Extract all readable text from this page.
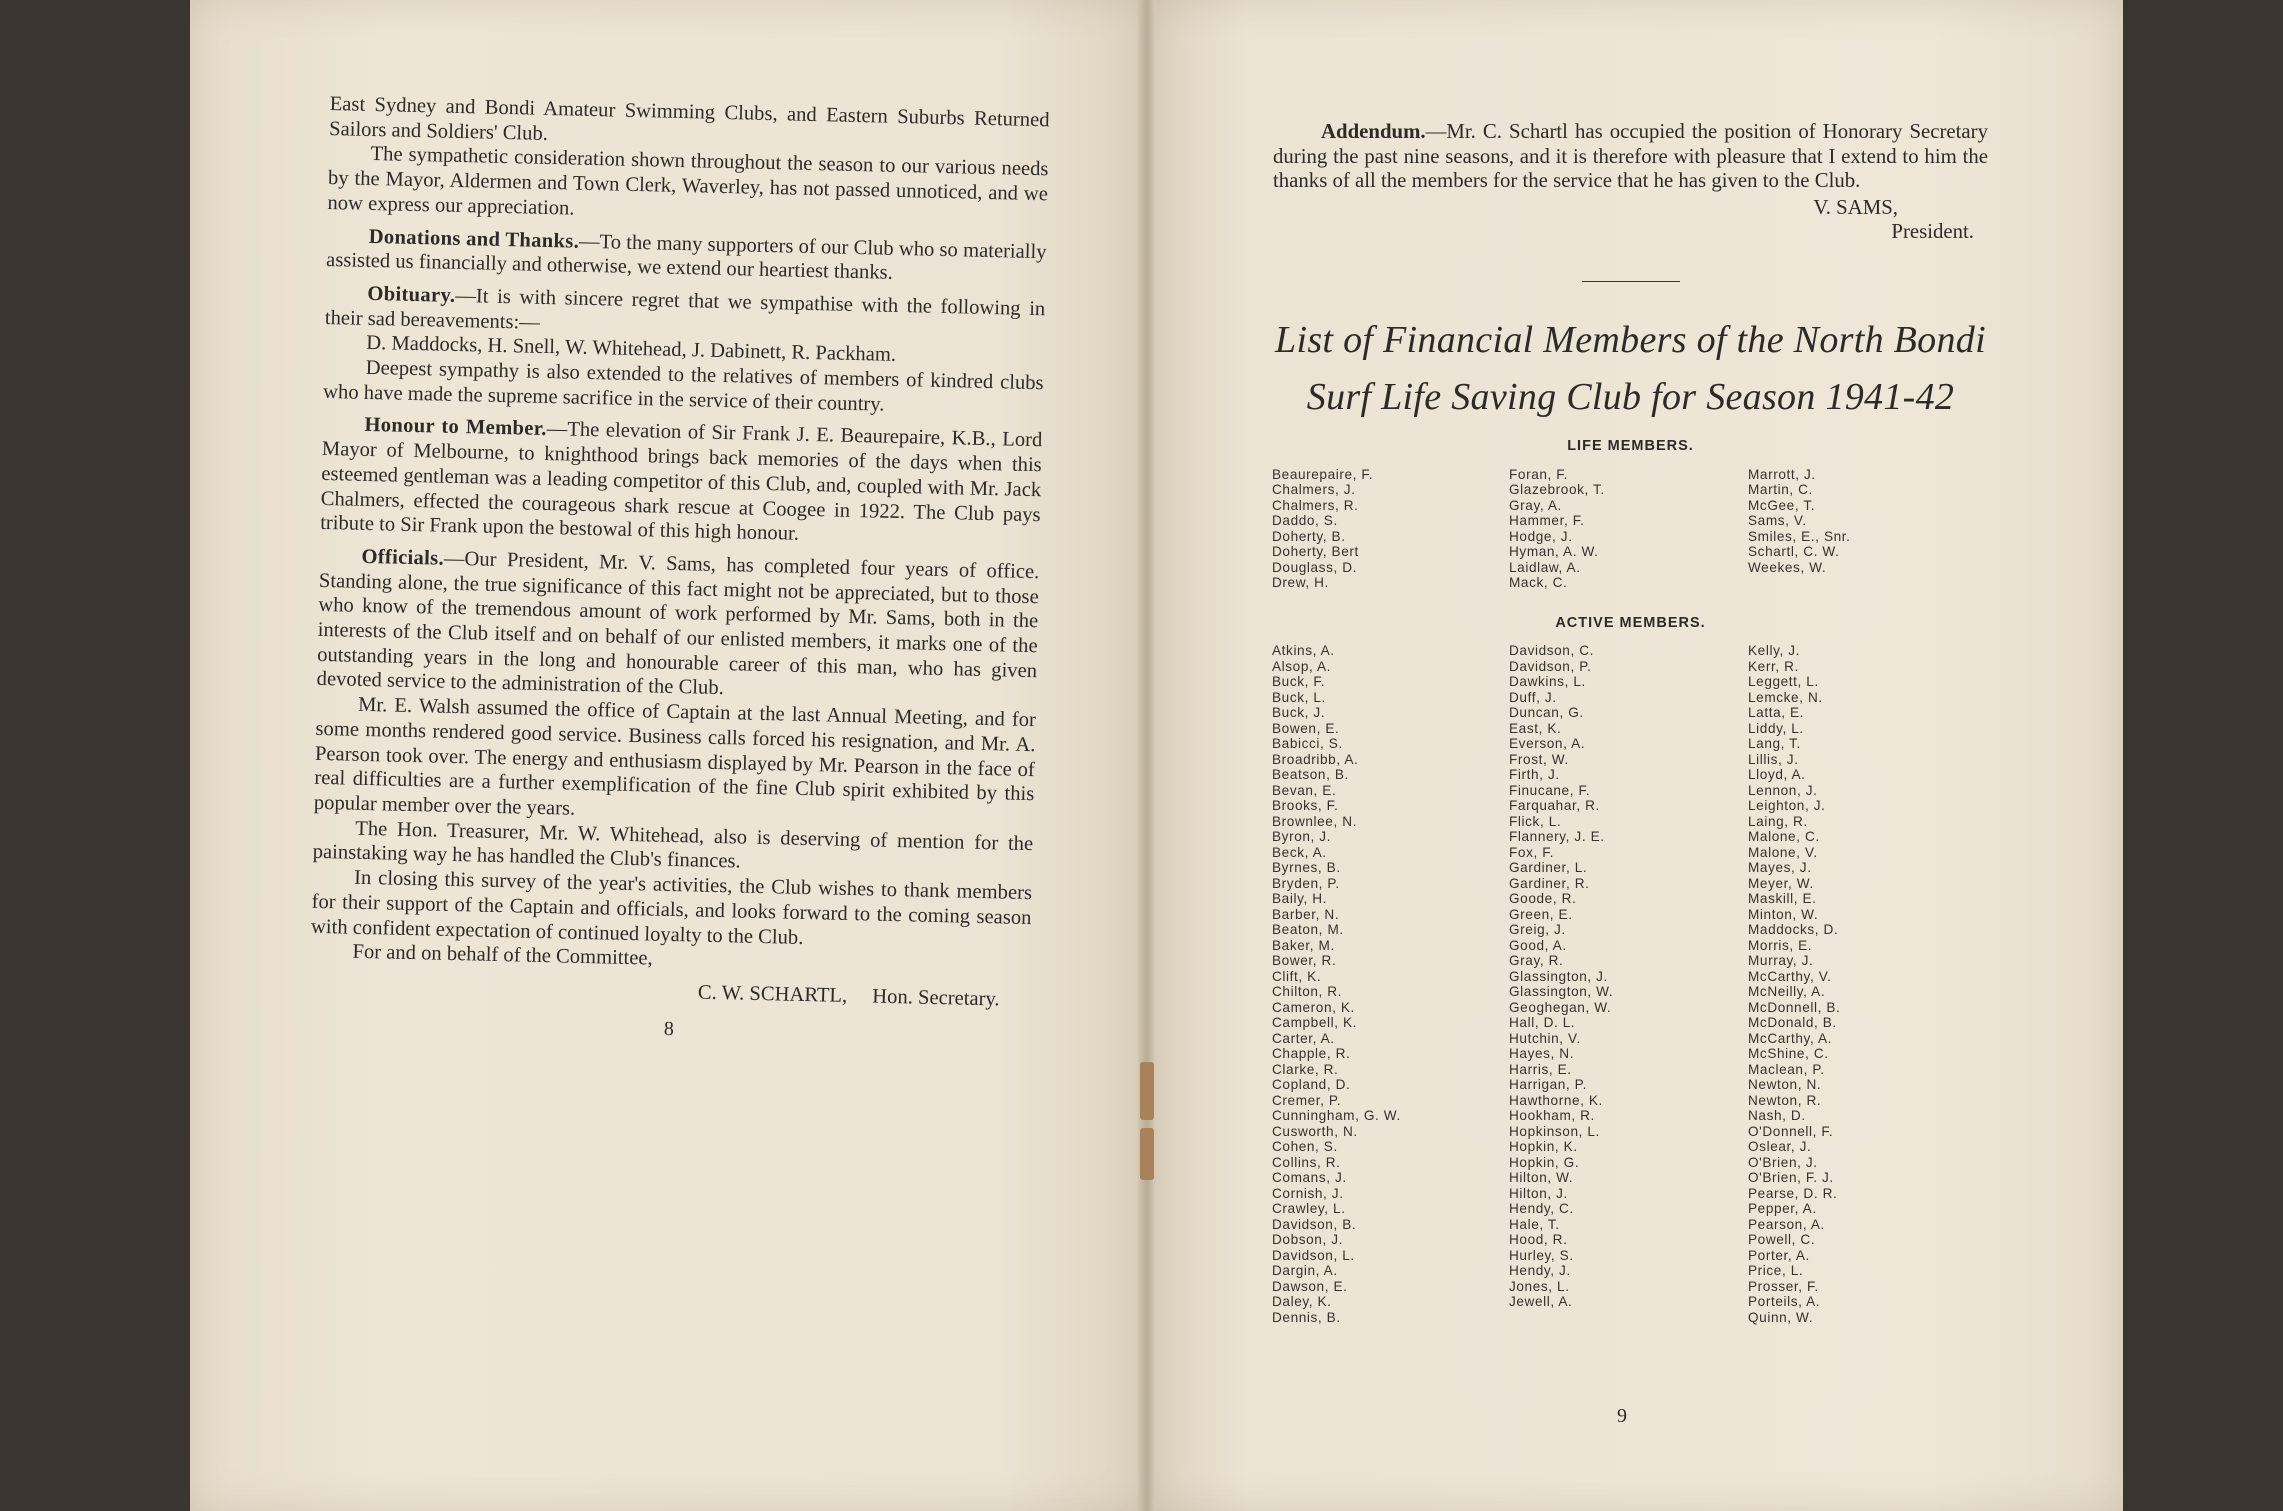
East Sydney and Bondi Amateur Swimming Clubs, and Eastern Suburbs Returned Sailors and Soldiers' Club.

The sympathetic consideration shown throughout the season to our various needs by the Mayor, Aldermen and Town Clerk, Waverley, has not passed unnoticed, and we now express our appreciation.

Donations and Thanks.—To the many supporters of our Club who so materially assisted us financially and otherwise, we extend our heartiest thanks.

Obituary.—It is with sincere regret that we sympathise with the following in their sad bereavements:—

D. Maddocks, H. Snell, W. Whitehead, J. Dabinett, R. Packham.

Deepest sympathy is also extended to the relatives of members of kindred clubs who have made the supreme sacrifice in the service of their country.

Honour to Member.—The elevation of Sir Frank J. E. Beaurepaire, K.B., Lord Mayor of Melbourne, to knighthood brings back memories of the days when this esteemed gentleman was a leading competitor of this Club, and, coupled with Mr. Jack Chalmers, effected the courageous shark rescue at Coogee in 1922. The Club pays tribute to Sir Frank upon the bestowal of this high honour.

Officials.—Our President, Mr. V. Sams, has completed four years of office. Standing alone, the true significance of this fact might not be appreciated, but to those who know of the tremendous amount of work performed by Mr. Sams, both in the interests of the Club itself and on behalf of our enlisted members, it marks one of the outstanding years in the long and honourable career of this man, who has given devoted service to the administration of the Club.

Mr. E. Walsh assumed the office of Captain at the last Annual Meeting, and for some months rendered good service. Business calls forced his resignation, and Mr. A. Pearson took over. The energy and enthusiasm displayed by Mr. Pearson in the face of real difficulties are a further exemplification of the fine Club spirit exhibited by this popular member over the years.

The Hon. Treasurer, Mr. W. Whitehead, also is deserving of mention for the painstaking way he has handled the Club's finances.

In closing this survey of the year's activities, the Club wishes to thank members for their support of the Captain and officials, and looks forward to the coming season with confident expectation of continued loyalty to the Club.

For and on behalf of the Committee,

C. W. SCHARTL, Hon. Secretary.
8

Addendum.—Mr. C. Schartl has occupied the position of Honorary Secretary during the past nine seasons, and it is therefore with pleasure that I extend to him the thanks of all the members for the service that he has given to the Club.

V. SAMS,
President.
List of Financial Members of the North Bondi
Surf Life Saving Club for Season 1941-42
LIFE MEMBERS.
Beaurepaire, F.
Chalmers, J.
Chalmers, R.
Daddo, S.
Doherty, B.
Doherty, Bert
Douglass, D.
Drew, H.
Foran, F.
Glazebrook, T.
Gray, A.
Hammer, F.
Hodge, J.
Hyman, A. W.
Laidlaw, A.
Mack, C.
Marrott, J.
Martin, C.
McGee, T.
Sams, V.
Smiles, E., Snr.
Schartl, C. W.
Weekes, W.
ACTIVE MEMBERS.
Atkins, A.
Alsop, A.
Buck, F.
Buck, L.
Buck, J.
Bowen, E.
Babicci, S.
Broadribb, A.
Beatson, B.
Bevan, E.
Brooks, F.
Brownlee, N.
Byron, J.
Beck, A.
Byrnes, B.
Bryden, P.
Baily, H.
Barber, N.
Beaton, M.
Baker, M.
Bower, R.
Clift, K.
Chilton, R.
Cameron, K.
Campbell, K.
Carter, A.
Chapple, R.
Clarke, R.
Copland, D.
Cremer, P.
Cunningham, G. W.
Cusworth, N.
Cohen, S.
Collins, R.
Comans, J.
Cornish, J.
Crawley, L.
Davidson, B.
Dobson, J.
Davidson, L.
Dargin, A.
Dawson, E.
Daley, K.
Dennis, B.
Davidson, C.
Davidson, P.
Dawkins, L.
Duff, J.
Duncan, G.
East, K.
Everson, A.
Frost, W.
Firth, J.
Finucane, F.
Farquahar, R.
Flick, L.
Flannery, J. E.
Fox, F.
Gardiner, L.
Gardiner, R.
Goode, R.
Green, E.
Greig, J.
Good, A.
Gray, R.
Glassington, J.
Glassington, W.
Geoghegan, W.
Hall, D. L.
Hutchin, V.
Hayes, N.
Harris, E.
Harrigan, P.
Hawthorne, K.
Hookham, R.
Hopkinson, L.
Hopkin, K.
Hopkin, G.
Hilton, W.
Hilton, J.
Hendy, C.
Hale, T.
Hood, R.
Hurley, S.
Hendy, J.
Jones, L.
Jewell, A.
Kelly, J.
Kerr, R.
Leggett, L.
Lemcke, N.
Latta, E.
Liddy, L.
Lang, T.
Lillis, J.
Lloyd, A.
Lennon, J.
Leighton, J.
Laing, R.
Malone, C.
Malone, V.
Mayes, J.
Meyer, W.
Maskill, E.
Minton, W.
Maddocks, D.
Morris, E.
Murray, J.
McCarthy, V.
McNeilly, A.
McDonnell, B.
McDonald, B.
McCarthy, A.
McShine, C.
Maclean, P.
Newton, N.
Newton, R.
Nash, D.
O'Donnell, F.
Oslear, J.
O'Brien, J.
O'Brien, F. J.
Pearse, D. R.
Pepper, A.
Pearson, A.
Powell, C.
Porter, A.
Price, L.
Prosser, F.
Porteils, A.
Quinn, W.
9
